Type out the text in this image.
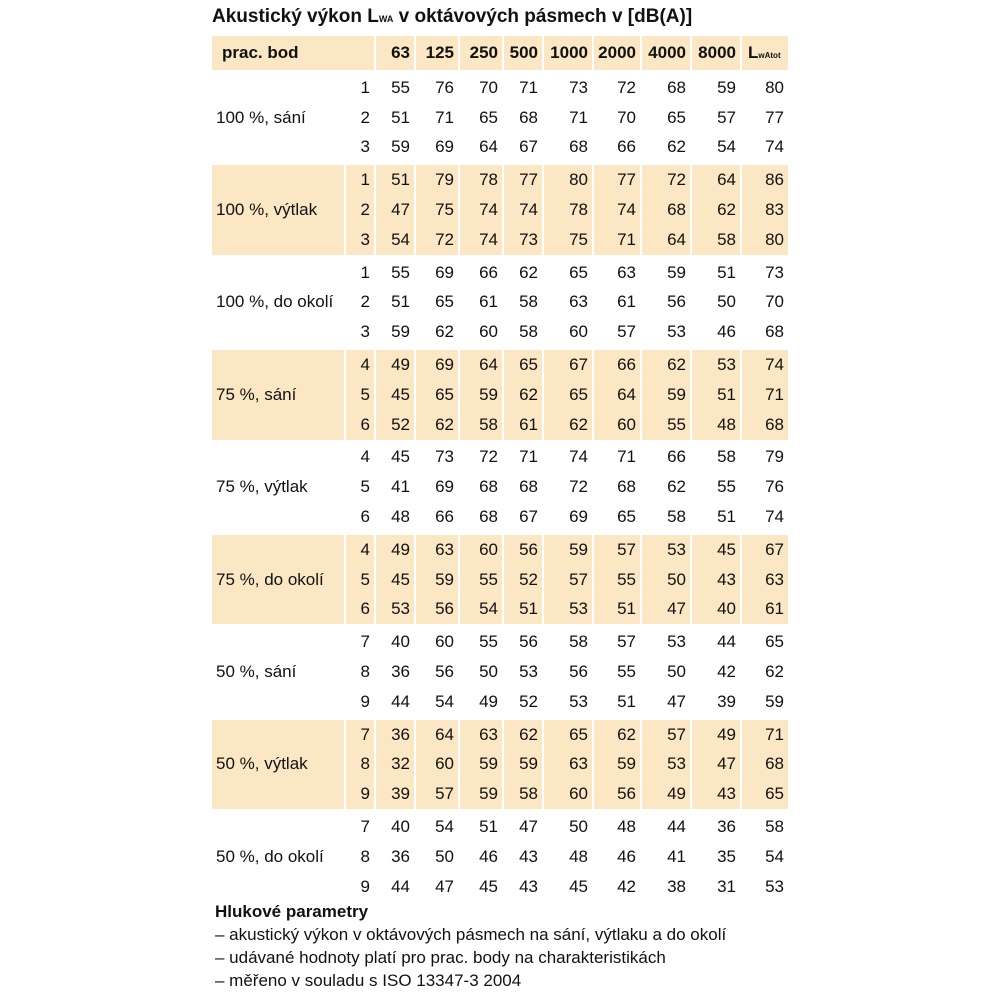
Akustický výkon LWA v oktávových pásmech v [dB(A)]
prac. bod		63	125	250	500	1000	2000	4000	8000	LwAtot
100 %, sání	1	55	76	70	71	73	72	68	59	80
	2	51	71	65	68	71	70	65	57	77
	3	59	69	64	67	68	66	62	54	74
100 %, výtlak	1	51	79	78	77	80	77	72	64	86
	2	47	75	74	74	78	74	68	62	83
	3	54	72	74	73	75	71	64	58	80
100 %, do okolí	1	55	69	66	62	65	63	59	51	73
	2	51	65	61	58	63	61	56	50	70
	3	59	62	60	58	60	57	53	46	68
75 %, sání	4	49	69	64	65	67	66	62	53	74
	5	45	65	59	62	65	64	59	51	71
	6	52	62	58	61	62	60	55	48	68
75 %, výtlak	4	45	73	72	71	74	71	66	58	79
	5	41	69	68	68	72	68	62	55	76
	6	48	66	68	67	69	65	58	51	74
75 %, do okolí	4	49	63	60	56	59	57	53	45	67
	5	45	59	55	52	57	55	50	43	63
	6	53	56	54	51	53	51	47	40	61
50 %, sání	7	40	60	55	56	58	57	53	44	65
	8	36	56	50	53	56	55	50	42	62
	9	44	54	49	52	53	51	47	39	59
50 %, výtlak	7	36	64	63	62	65	62	57	49	71
	8	32	60	59	59	63	59	53	47	68
	9	39	57	59	58	60	56	49	43	65
50 %, do okolí	7	40	54	51	47	50	48	44	36	58
	8	36	50	46	43	48	46	41	35	54
	9	44	47	45	43	45	42	38	31	53
Hlukové parametry
– akustický výkon v oktávových pásmech na sání, výtlaku a do okolí
– udávané hodnoty platí pro prac. body na charakteristikách
– měřeno v souladu s ISO 13347-3 2004
